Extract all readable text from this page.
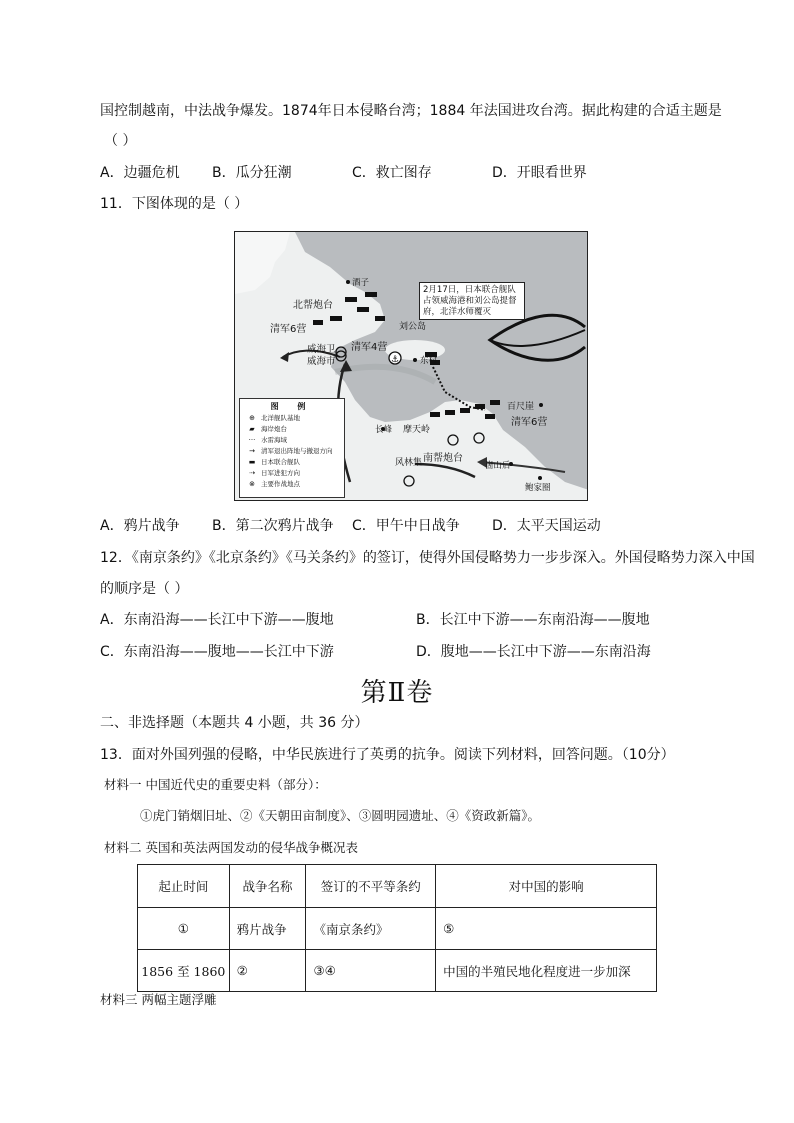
国控制越南，中法战争爆发。1874年日本侵略台湾；1884 年法国进攻台湾。据此构建的合适主题是
（ ）
A．边疆危机 B．瓜分狂潮	C．救亡图存	D．开眼看世界
11．下图体现的是（ ）
⚓
酒子
北帮炮台
清军6营	刘公岛
威海卫 清军4营
威海市	东村
百尺崖
长峰 摩天岭
清军6营
风林集 南帮炮台
崮山后
鲍家圈
2月17日，日本联合舰队占领威海港和刘公岛提督府，北洋水师覆灭
图 例
⊕ 北洋舰队基地
▰ 海岸炮台
··· 水雷海域
→ 清军退出阵地与撤退方向
▬ 日本联合舰队
⇢ 日军进犯方向
⊗ 主要作战地点
A．鸦片战争 B．第二次鸦片战争 C．甲午中日战争 D．太平天国运动
12．《南京条约》《北京条约》《马关条约》的签订，使得外国侵略势力一步步深入。外国侵略势力深入中国
的顺序是（ ）
A．东南沿海——长江中下游——腹地	B．长江中下游——东南沿海——腹地
C．东南沿海——腹地——长江中下游	D．腹地——长江中下游——东南沿海
第Ⅱ卷
二、非选择题（本题共 4 小题，共 36 分）
13．面对外国列强的侵略，中华民族进行了英勇的抗争。阅读下列材料，回答问题。（10分）
材料一 中国近代史的重要史料（部分）：
①虎门销烟旧址、②《天朝田亩制度》、③圆明园遗址、④《资政新篇》。
材料二 英国和英法两国发动的侵华战争概况表
起止时间	战争名称	签订的不平等条约	对中国的影响
①	鸦片战争	《南京条约》	⑤
1856 至 1860	②	③④	中国的半殖民地化程度进一步加深
材料三 两幅主题浮雕
